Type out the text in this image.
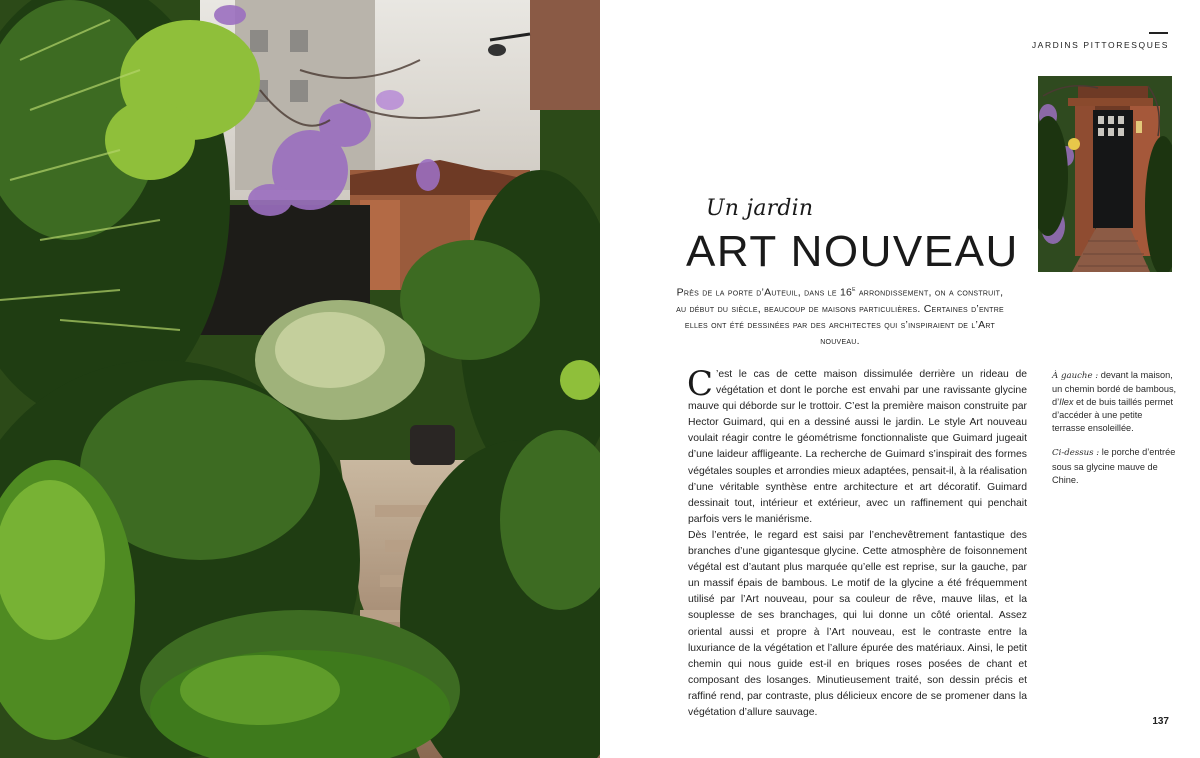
JARDINS PITTORESQUES
Un jardin
ART NOUVEAU

Près de la porte d’Auteuil, dans le 16e arrondissement, on a construit, au début du siècle, beaucoup de maisons particulières. Certaines d’entre elles ont été dessinées par des architectes qui s’inspiraient de l’Art nouveau.

C ’est le cas de cette maison dissimulée derrière un rideau de végétation et dont le porche est envahi par une ravissante glycine mauve qui déborde sur le trottoir. C’est la première maison construite par Hector Guimard, qui en a dessiné aussi le jardin. Le style Art nouveau voulait réagir contre le géométrisme fonctionnaliste que Guimard jugeait d’une laideur affligeante. La recherche de Guimard s’inspirait des formes végétales souples et arrondies mieux adaptées, pensait-il, à la réalisation d’une véritable synthèse entre architecture et art décoratif. Guimard dessinait tout, intérieur et extérieur, avec un raffinement qui penchait parfois vers le maniérisme.

Dès l’entrée, le regard est saisi par l’enchevêtrement fantastique des branches d’une gigantesque glycine. Cette atmosphère de foisonnement végétal est d’autant plus marquée qu’elle est reprise, sur la gauche, par un massif épais de bambous. Le motif de la glycine a été fréquemment utilisé par l’Art nouveau, pour sa couleur de rêve, mauve lilas, et la souplesse de ses branchages, qui lui donne un côté oriental. Assez oriental aussi et propre à l’Art nouveau, est le contraste entre la luxuriance de la végétation et l’allure épurée des matériaux. Ainsi, le petit chemin qui nous guide est-il en briques roses posées de chant et composant des losanges. Minutieusement traité, son dessin précis et raffiné rend, par contraste, plus délicieux encore de se promener dans la végétation d’allure sauvage.

À gauche : devant la maison, un chemin bordé de bambous, d’Ilex et de buis taillés permet d’accéder à une petite terrasse ensoleillée.

Ci-dessus : le porche d’entrée sous sa glycine mauve de Chine.

137
